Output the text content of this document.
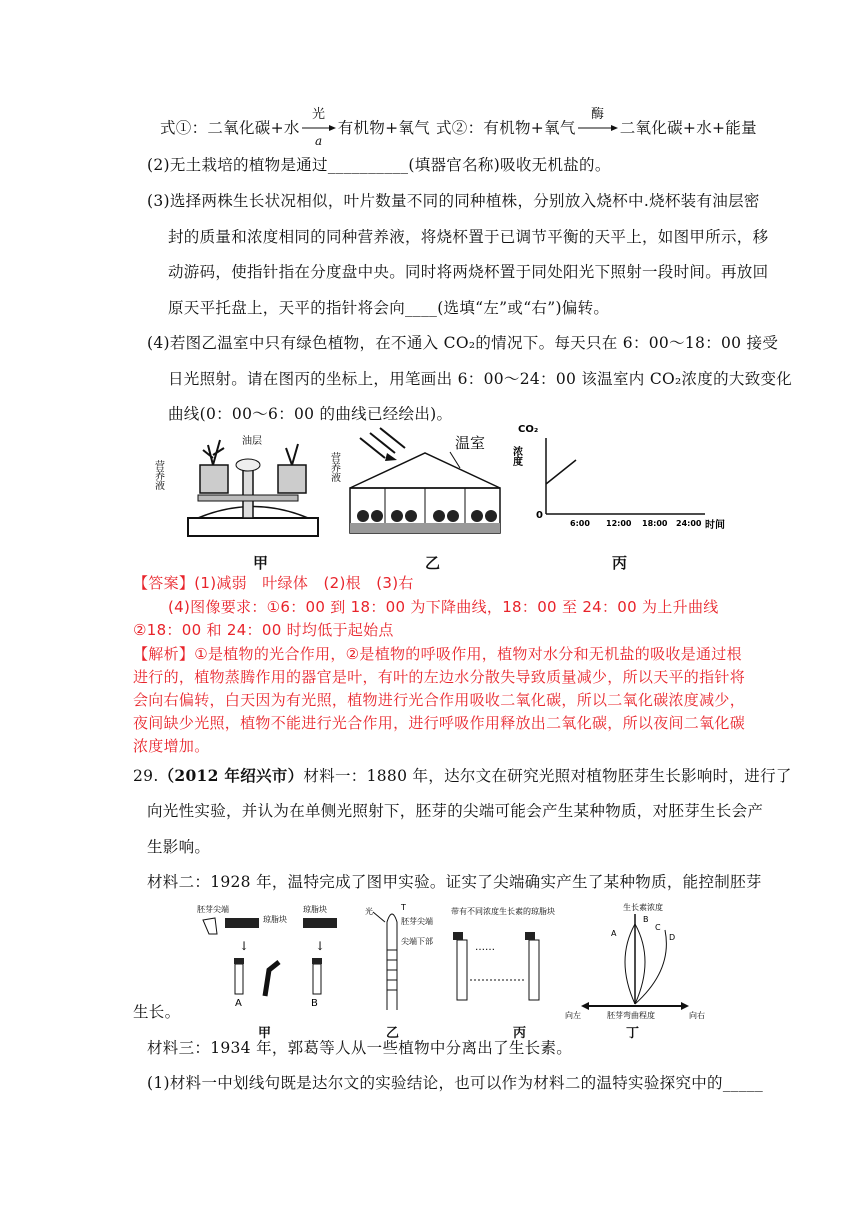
式①：二氧化碳+水
光
a
有机物+氧气 式②：有机物+氧气
酶
二氧化碳+水+能量
(2)无土栽培的植物是通过__________(填器官名称)吸收无机盐的。
(3)选择两株生长状况相似，叶片数量不同的同种植株，分别放入烧杯中.烧杯装有油层密
封的质量和浓度相同的同种营养液，将烧杯置于已调节平衡的天平上，如图甲所示，移
动游码，使指针指在分度盘中央。同时将两烧杯置于同处阳光下照射一段时间。再放回
原天平托盘上，天平的指针将会向____(选填“左”或“右”)偏转。
(4)若图乙温室中只有绿色植物，在不通入 CO₂的情况下。每天只在 6：00～18：00 接受
日光照射。请在图丙的坐标上，用笔画出 6：00～24：00 该温室内 CO₂浓度的大致变化
曲线(0：00～6：00 的曲线已经绘出)。
营养液
油层
营养液
温室
CO₂
浓度
0
6:00 12:00 18:00 24:00 时间
甲	乙	丙
【答案】(1)减弱　叶绿体　(2)根　(3)右
(4)图像要求：①6：00 到 18：00 为下降曲线，18：00 至 24：00 为上升曲线
②18：00 和 24：00 时均低于起始点
【解析】①是植物的光合作用，②是植物的呼吸作用，植物对水分和无机盐的吸收是通过根
进行的，植物蒸腾作用的器官是叶，有叶的左边水分散失导致质量减少，所以天平的指针将
会向右偏转，白天因为有光照，植物进行光合作用吸收二氧化碳，所以二氧化碳浓度减少，
夜间缺少光照，植物不能进行光合作用，进行呼吸作用释放出二氧化碳，所以夜间二氧化碳
浓度增加。
29.（2012 年绍兴市）材料一：1880 年，达尔文在研究光照对植物胚芽生长影响时，进行了
向光性实验，并认为在单侧光照射下，胚芽的尖端可能会产生某种物质，对胚芽生长会产
生影响。
材料二：1928 年，温特完成了图甲实验。证实了尖端确实产生了某种物质，能控制胚芽
胚芽尖端
琼脂块
↓
A
琼脂块
↓
B
光	T
胚芽尖端
尖端下部
带有不同浓度生长素的琼脂块
……
生长素浓度
A
B
C
D
向左	胚芽弯曲程度	向右
甲	乙	丙	丁
生长。
材料三：1934 年，郭葛等人从一些植物中分离出了生长素。
(1)材料一中划线句既是达尔文的实验结论，也可以作为材料二的温特实验探究中的_____
